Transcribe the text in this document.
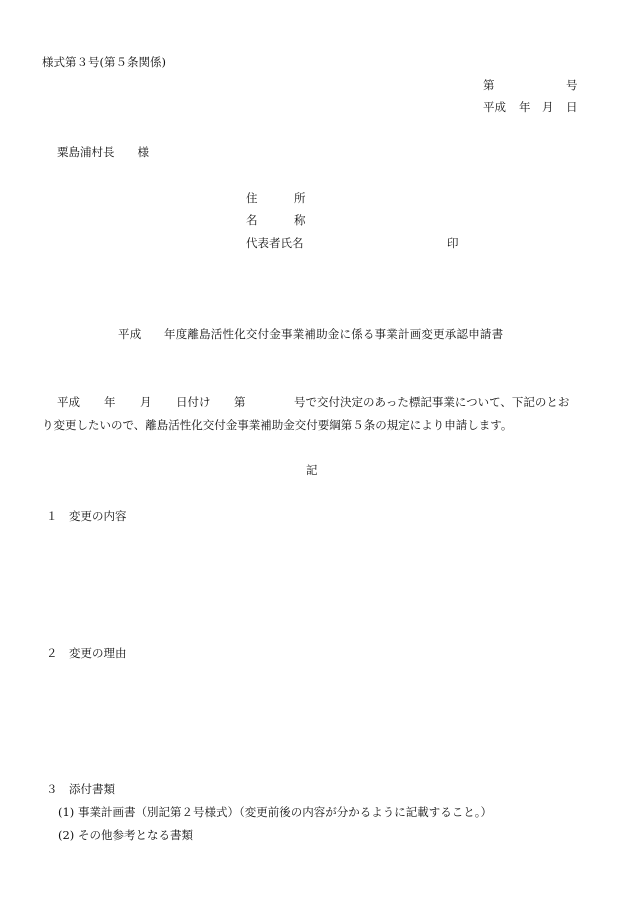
様式第３号(第５条関係)
第	号
平成 年 月 日
粟島浦村長　　様
住	所
名	称
代表者氏名	印
平成 年度離島活性化交付金事業補助金に係る事業計画変更承認申請書
平成 年 月 日付け 第	号で交付決定のあった標記事業について、下記のとお
り変更したいので、離島活性化交付金事業補助金交付要綱第５条の規定により申請します。
記
１ 変更の内容
２ 変更の理由
３ 添付書類
(1) 事業計画書（別記第２号様式）（変更前後の内容が分かるように記載すること。）
(2) その他参考となる書類
